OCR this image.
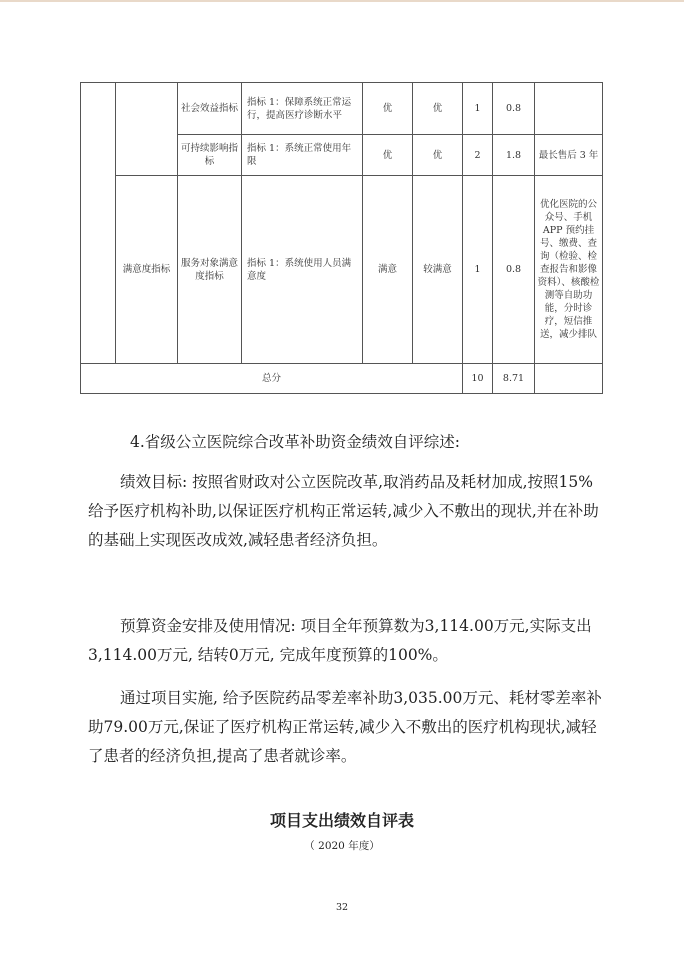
		社会效益指标	指标 1：保障系统正常运行，提高医疗诊断水平	优	优	1	0.8	
		可持续影响指标	指标 1：系统正常使用年限	优	优	2	1.8	最长售后 3 年
	满意度指标	服务对象满意度指标	指标 1：系统使用人员满意度	满意	较满意	1	0.8	优化医院的公众号、手机APP 预约挂号、缴费、查询（检验、检查报告和影像资料）、核酸检测等自助功能，分时诊疗，短信推送，减少排队
总分						10	8.71	

4.省级公立医院综合改革补助资金绩效自评综述:

绩效目标: 按照省财政对公立医院改革,取消药品及耗材加成,按照15%给予医疗机构补助,以保证医疗机构正常运转,减少入不敷出的现状,并在补助的基础上实现医改成效,减轻患者经济负担。

预算资金安排及使用情况: 项目全年预算数为3,114.00万元,实际支出3,114.00万元, 结转0万元, 完成年度预算的100%。

通过项目实施, 给予医院药品零差率补助3,035.00万元、耗材零差率补助79.00万元,保证了医疗机构正常运转,减少入不敷出的医疗机构现状,减轻了患者的经济负担,提高了患者就诊率。

项目支出绩效自评表

（ 2020 年度）

32
